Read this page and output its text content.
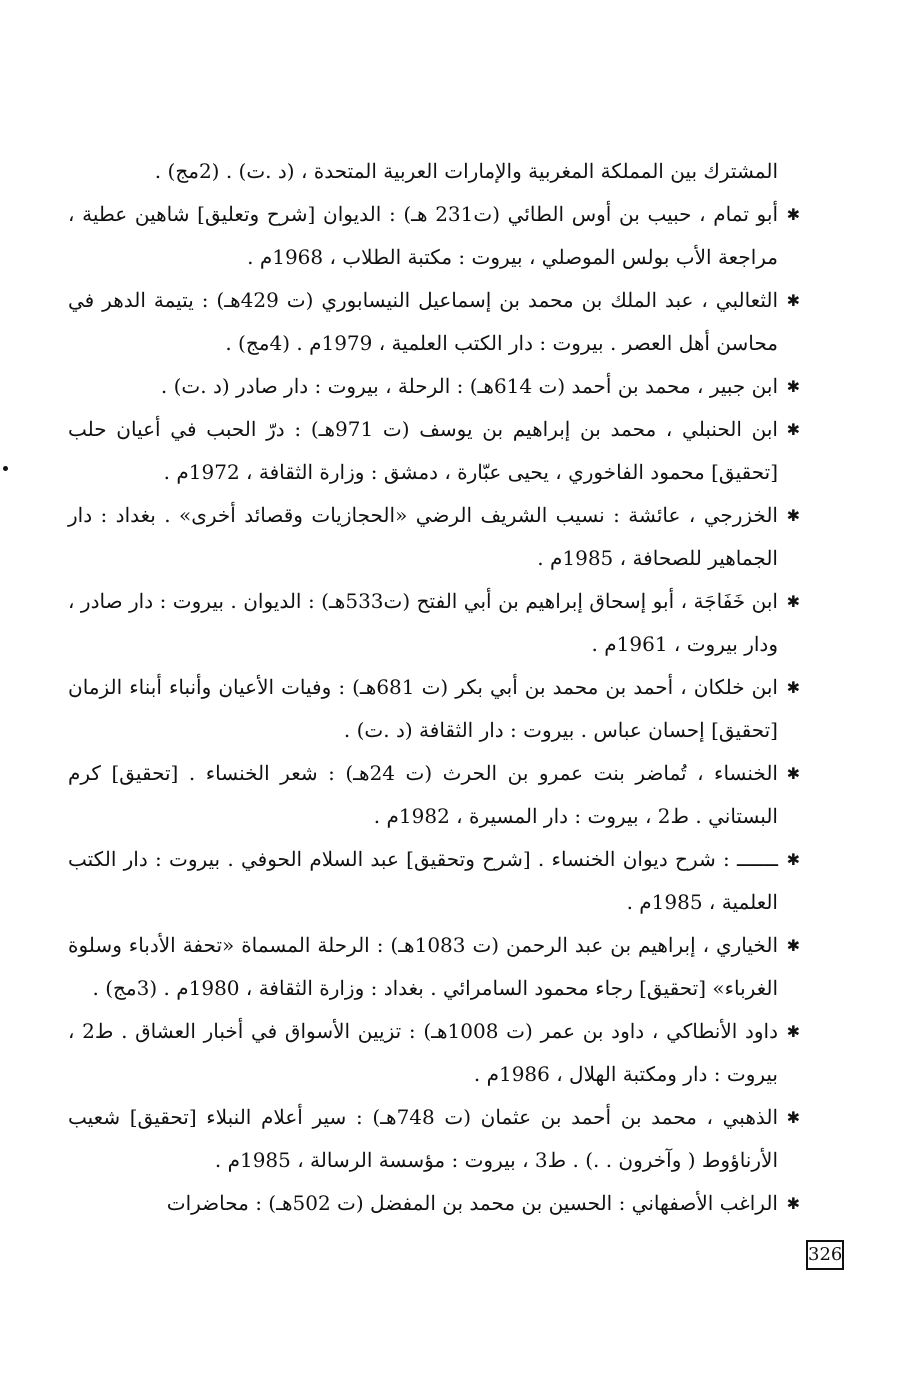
المشترك بين المملكة المغربية والإمارات العربية المتحدة ، (د .ت) . (2مج) .

✱
أبو تمام ، حبيب بن أوس الطائي (ت231 هـ) : الديوان [شرح وتعليق] شاهين عطية ، مراجعة الأب بولس الموصلي ، بيروت : مكتبة الطلاب ، 1968م .
✱
الثعالبي ، عبد الملك بن محمد بن إسماعيل النيسابوري (ت 429هـ) : يتيمة الدهر في محاسن أهل العصر . بيروت : دار الكتب العلمية ، 1979م . (4مج) .
✱
ابن جبير ، محمد بن أحمد (ت 614هـ) : الرحلة ، بيروت : دار صادر (د .ت) .
✱
ابن الحنبلي ، محمد بن إبراهيم بن يوسف (ت 971هـ) : درّ الحبب في أعيان حلب [تحقيق] محمود الفاخوري ، يحيى عبّارة ، دمشق : وزارة الثقافة ، 1972م .
✱
الخزرجي ، عائشة : نسيب الشريف الرضي «الحجازيات وقصائد أخرى» . بغداد : دار الجماهير للصحافة ، 1985م .
✱
ابن خَفَاجَة ، أبو إسحاق إبراهيم بن أبي الفتح (ت533هـ) : الديوان . بيروت : دار صادر ، ودار بيروت ، 1961م .
✱
ابن خلكان ، أحمد بن محمد بن أبي بكر (ت 681هـ) : وفيات الأعيان وأنباء أبناء الزمان [تحقيق] إحسان عباس . بيروت : دار الثقافة (د .ت) .
✱
الخنساء ، تُماضر بنت عمرو بن الحرث (ت 24هـ) : شعر الخنساء . [تحقيق] كرم البستاني . ط2 ، بيروت : دار المسيرة ، 1982م .
✱
ـــــــ : شرح ديوان الخنساء . [شرح وتحقيق] عبد السلام الحوفي . بيروت : دار الكتب العلمية ، 1985م .
✱
الخياري ، إبراهيم بن عبد الرحمن (ت 1083هـ) : الرحلة المسماة «تحفة الأدباء وسلوة الغرباء» [تحقيق] رجاء محمود السامرائي . بغداد : وزارة الثقافة ، 1980م . (3مج) .
✱
داود الأنطاكي ، داود بن عمر (ت 1008هـ) : تزيين الأسواق في أخبار العشاق . ط2 ، بيروت : دار ومكتبة الهلال ، 1986م .
✱
الذهبي ، محمد بن أحمد بن عثمان (ت 748هـ) : سير أعلام النبلاء [تحقيق] شعيب الأرناؤوط ( وآخرون . .) . ط3 ، بيروت : مؤسسة الرسالة ، 1985م .
✱
الراغب الأصفهاني : الحسين بن محمد بن المفضل (ت 502هـ) : محاضرات
326
